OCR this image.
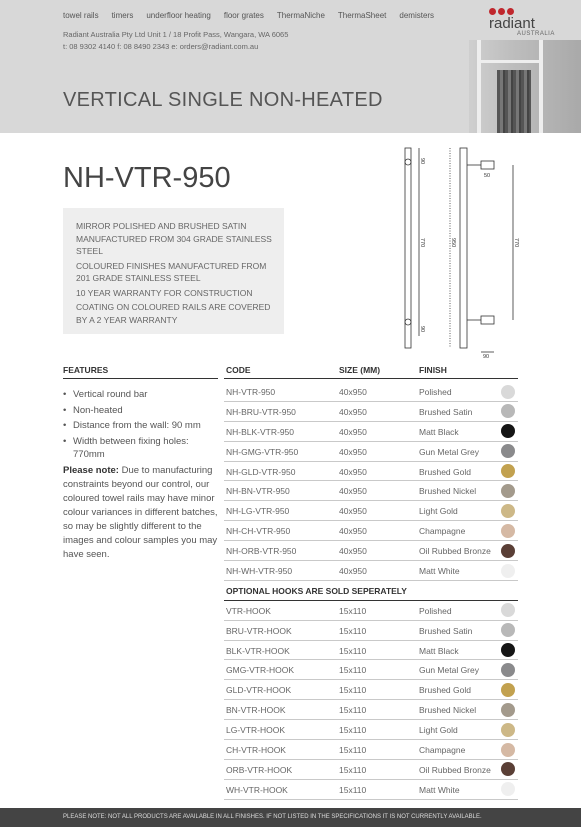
towel rails timers underfloor heating floor grates ThermaNiche ThermaSheet demisters
Radiant Australia Pty Ltd Unit 1 / 18 Profit Pass, Wangara, WA 6065
t: 08 9302 4140 f: 08 8490 2343 e: orders@radiant.com.au
radiant
AUSTRALIA
VERTICAL SINGLE NON-HEATED
NH-VTR-950

MIRROR POLISHED AND BRUSHED SATIN MANUFACTURED FROM 304 GRADE STAINLESS STEEL

COLOURED FINISHES MANUFACTURED FROM 201 GRADE STAINLESS STEEL

10 YEAR WARRANTY FOR CONSTRUCTION

COATING ON COLOURED RAILS ARE COVERED BY A 2 YEAR WARRANTY

90
770
90
50
950	770
90
FEATURES	CODE	SIZE (MM)	FINISH
• Vertical round bar
• Non-heated
• Distance from the wall: 90 mm
• Width between fixing holes: 770mm
Please note: Due to manufacturing constraints beyond our control, our coloured towel rails may have minor colour variances in different batches, so may be slightly different to the images and colour samples you may have seen.
NH-VTR-950	40x950	Polished
NH-BRU-VTR-950	40x950	Brushed Satin
NH-BLK-VTR-950	40x950	Matt Black
NH-GMG-VTR-950	40x950	Gun Metal Grey
NH-GLD-VTR-950	40x950	Brushed Gold
NH-BN-VTR-950	40x950	Brushed Nickel
NH-LG-VTR-950	40x950	Light Gold
NH-CH-VTR-950	40x950	Champagne
NH-ORB-VTR-950	40x950	Oil Rubbed Bronze
NH-WH-VTR-950	40x950	Matt White
OPTIONAL HOOKS ARE SOLD SEPERATELY
VTR-HOOK	15x110	Polished
BRU-VTR-HOOK	15x110	Brushed Satin
BLK-VTR-HOOK	15x110	Matt Black
GMG-VTR-HOOK	15x110	Gun Metal Grey
GLD-VTR-HOOK	15x110	Brushed Gold
BN-VTR-HOOK	15x110	Brushed Nickel
LG-VTR-HOOK	15x110	Light Gold
CH-VTR-HOOK	15x110	Champagne
ORB-VTR-HOOK	15x110	Oil Rubbed Bronze
WH-VTR-HOOK	15x110	Matt White
PLEASE NOTE: NOT ALL PRODUCTS ARE AVAILABLE IN ALL FINISHES. IF NOT LISTED IN THE SPECIFICATIONS IT IS NOT CURRENTLY AVAILABLE.
